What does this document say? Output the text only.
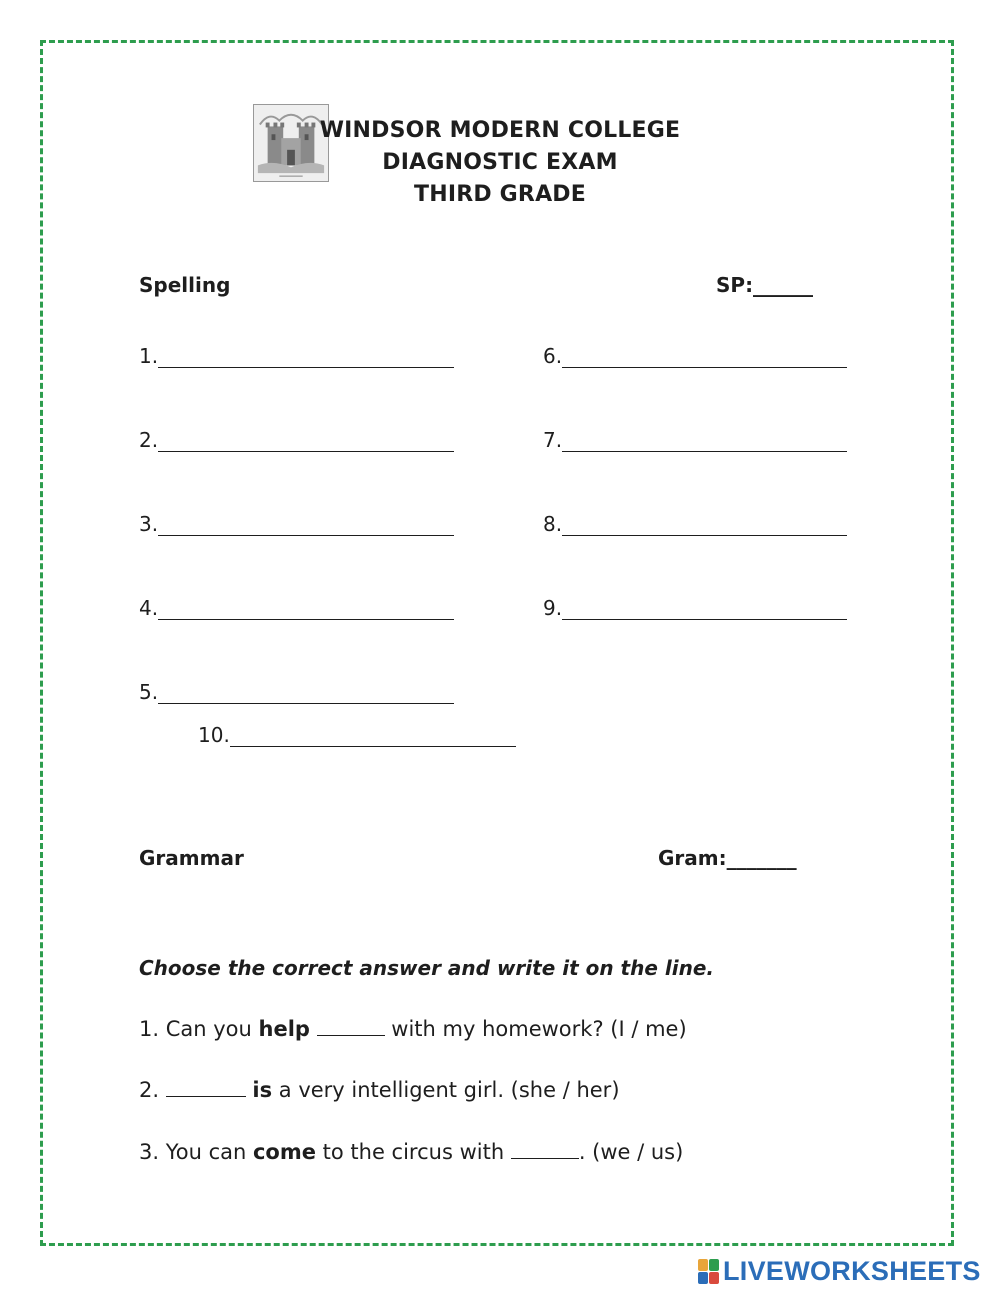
WINDSOR MODERN COLLEGE
DIAGNOSTIC EXAM
THIRD GRADE
Spelling	SP:______
1.
2.
3.
4.
5.
6.
7.
8.
9.
10.
Grammar	Gram:_______
Choose the correct answer and write it on the line.
1. Can you help	with my homework? (I / me)
2.	is a very intelligent girl. (she / her)
3. You can come to the circus with	. (we / us)
LIVEWORKSHEETS
